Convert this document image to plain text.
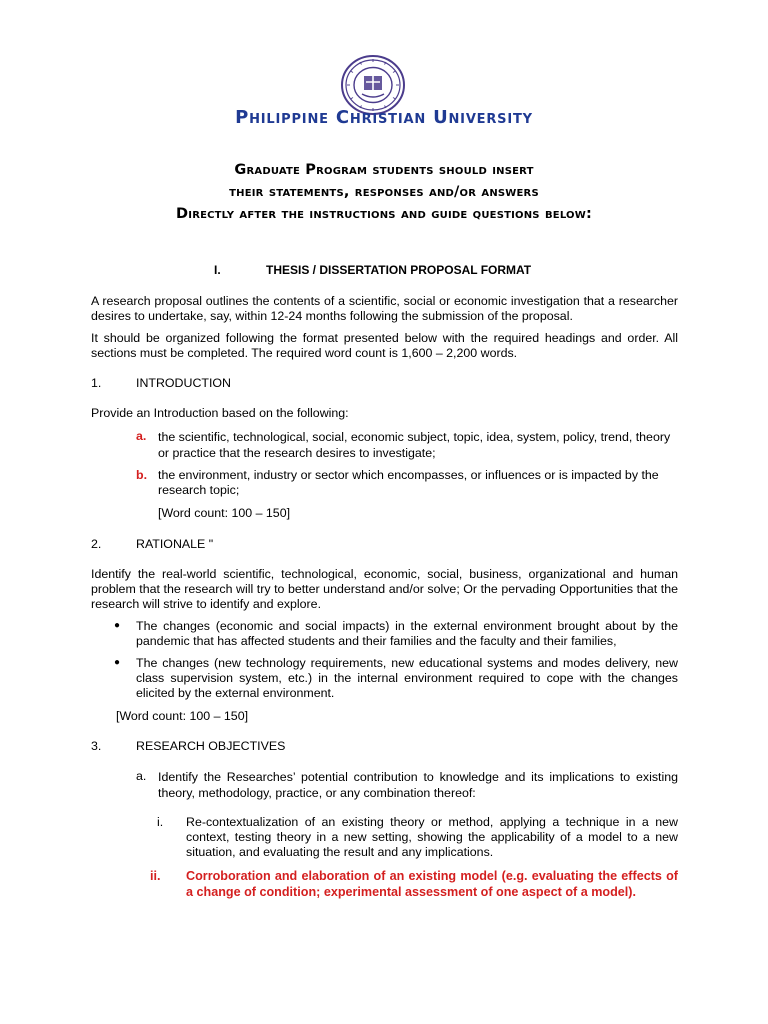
Philippine Christian University
Graduate Program students should insert
their statements, responses and/or answers
Directly after the instructions and guide questions below:
I.	THESIS / DISSERTATION PROPOSAL FORMAT
A research proposal outlines the contents of a scientific, social or economic investigation that a researcher desires to undertake, say, within 12-24 months following the submission of the proposal.
It should be organized following the format presented below with the required headings and order. All sections must be completed. The required word count is 1,600 – 2,200 words.
1.	INTRODUCTION
Provide an Introduction based on the following:
a. the scientific, technological, social, economic subject, topic, idea, system, policy, trend, theory or practice that the research desires to investigate;
b. the environment, industry or sector which encompasses, or influences or is impacted by the research topic;
[Word count: 100 – 150]
2.	RATIONALE "
Identify the real-world scientific, technological, economic, social, business, organizational and human problem that the research will try to better understand and/or solve; Or the pervading Opportunities that the research will strive to identify and explore.
● The changes (economic and social impacts) in the external environment brought about by the pandemic that has affected students and their families and the faculty and their families,
● The changes (new technology requirements, new educational systems and modes delivery, new class supervision system, etc.) in the internal environment required to cope with the changes elicited by the external environment.
[Word count: 100 – 150]
3.	RESEARCH OBJECTIVES
a. Identify the Researches’ potential contribution to knowledge and its implications to existing theory, methodology, practice, or any combination thereof:
i. Re-contextualization of an existing theory or method, applying a technique in a new context, testing theory in a new setting, showing the applicability of a model to a new situation, and evaluating the result and any implications.
ii. Corroboration and elaboration of an existing model (e.g. evaluating the effects of a change of condition; experimental assessment of one aspect of a model).
